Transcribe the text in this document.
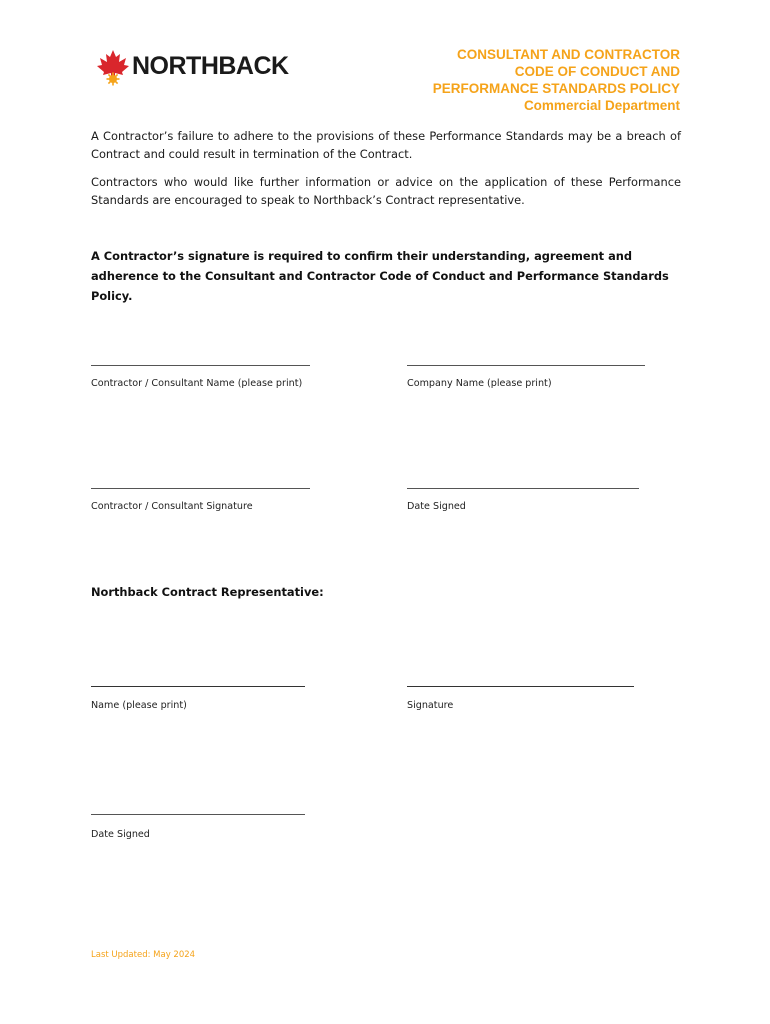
NORTHBACK	CONSULTANT AND CONTRACTOR
CODE OF CONDUCT AND
PERFORMANCE STANDARDS POLICY
Commercial Department
A Contractor’s failure to adhere to the provisions of these Performance Standards may be a breach of Contract and could result in termination of the Contract.
Contractors who would like further information or advice on the application of these Performance Standards are encouraged to speak to Northback’s Contract representative.
A Contractor’s signature is required to confirm their understanding, agreement and adherence to the Consultant and Contractor Code of Conduct and Performance Standards Policy.
Contractor / Consultant Name (please print)	Company Name (please print)
Contractor / Consultant Signature	Date Signed
Northback Contract Representative:
Name (please print)	Signature
Date Signed
Last Updated: May 2024
